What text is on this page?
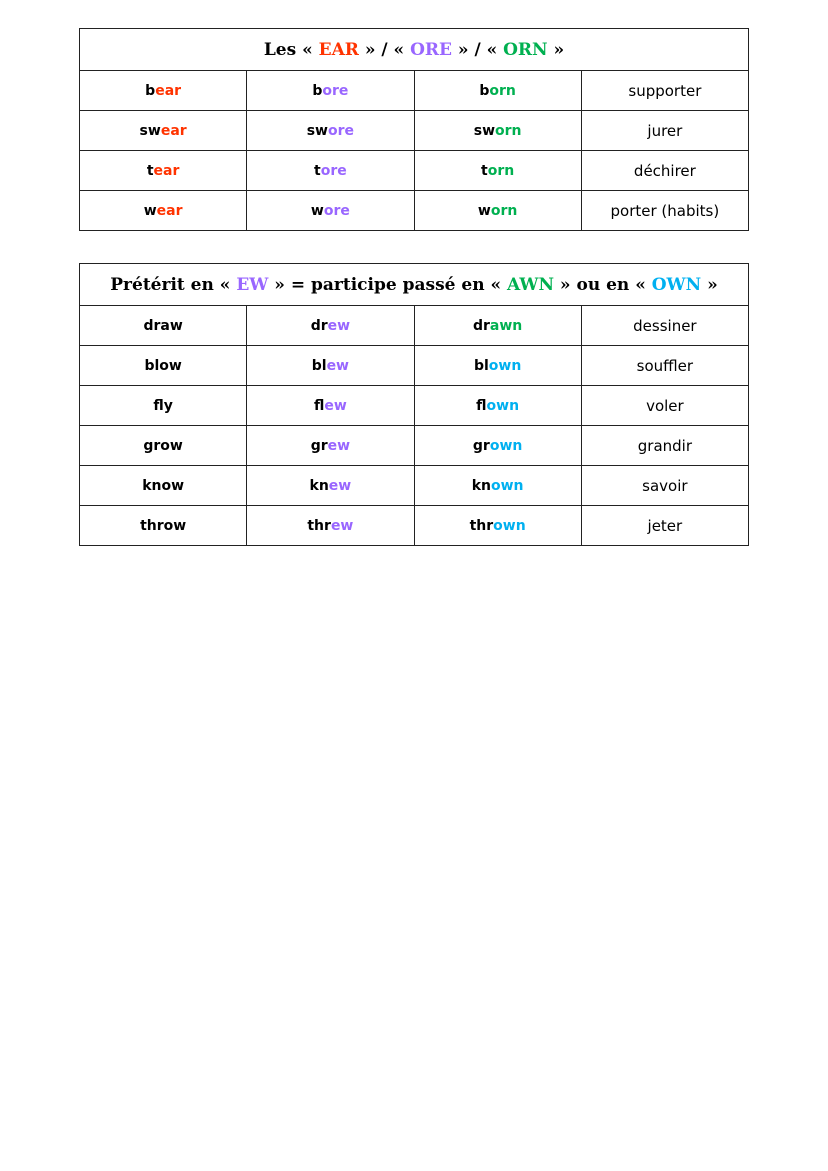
Les « EAR » / « ORE » / « ORN »			
bear	bore	born	supporter
swear	swore	sworn	jurer
tear	tore	torn	déchirer
wear	wore	worn	porter (habits)
Prétérit en « EW » = participe passé en « AWN » ou en « OWN »			
draw	drew	drawn	dessiner
blow	blew	blown	souffler
fly	flew	flown	voler
grow	grew	grown	grandir
know	knew	known	savoir
throw	threw	thrown	jeter
